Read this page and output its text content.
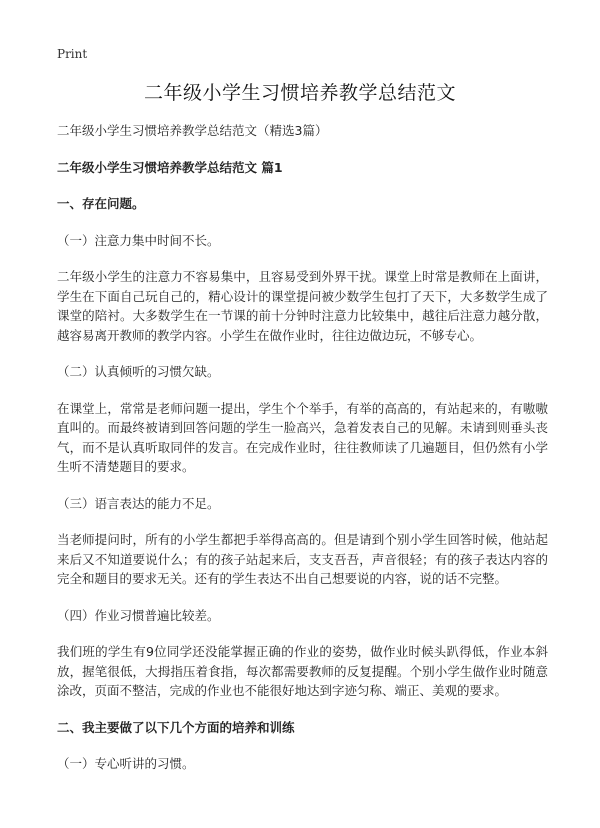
Print
二年级小学生习惯培养教学总结范文

二年级小学生习惯培养教学总结范文（精选3篇）

二年级小学生习惯培养教学总结范文 篇1

一、存在问题。

（一）注意力集中时间不长。

二年级小学生的注意力不容易集中，且容易受到外界干扰。课堂上时常是教师在上面讲，学生在下面自己玩自己的，精心设计的课堂提问被少数学生包打了天下，大多数学生成了课堂的陪衬。大多数学生在一节课的前十分钟时注意力比较集中，越往后注意力越分散，越容易离开教师的教学内容。小学生在做作业时，往往边做边玩，不够专心。

（二）认真倾听的习惯欠缺。

在课堂上，常常是老师问题一提出，学生个个举手，有举的高高的，有站起来的，有嗷嗷直叫的。而最终被请到回答问题的学生一脸高兴，急着发表自己的见解。未请到则垂头丧气，而不是认真听取同伴的发言。在完成作业时，往往教师读了几遍题目，但仍然有小学生听不清楚题目的要求。

（三）语言表达的能力不足。

当老师提问时，所有的小学生都把手举得高高的。但是请到个别小学生回答时候，他站起来后又不知道要说什么；有的孩子站起来后，支支吾吾，声音很轻；有的孩子表达内容的完全和题目的要求无关。还有的学生表达不出自己想要说的内容，说的话不完整。

（四）作业习惯普遍比较差。

我们班的学生有9位同学还没能掌握正确的作业的姿势，做作业时候头趴得低，作业本斜放，握笔很低，大拇指压着食指，每次都需要教师的反复提醒。个别小学生做作业时随意涂改，页面不整洁，完成的作业也不能很好地达到字迹匀称、端正、美观的要求。

二、我主要做了以下几个方面的培养和训练

（一）专心听讲的习惯。
